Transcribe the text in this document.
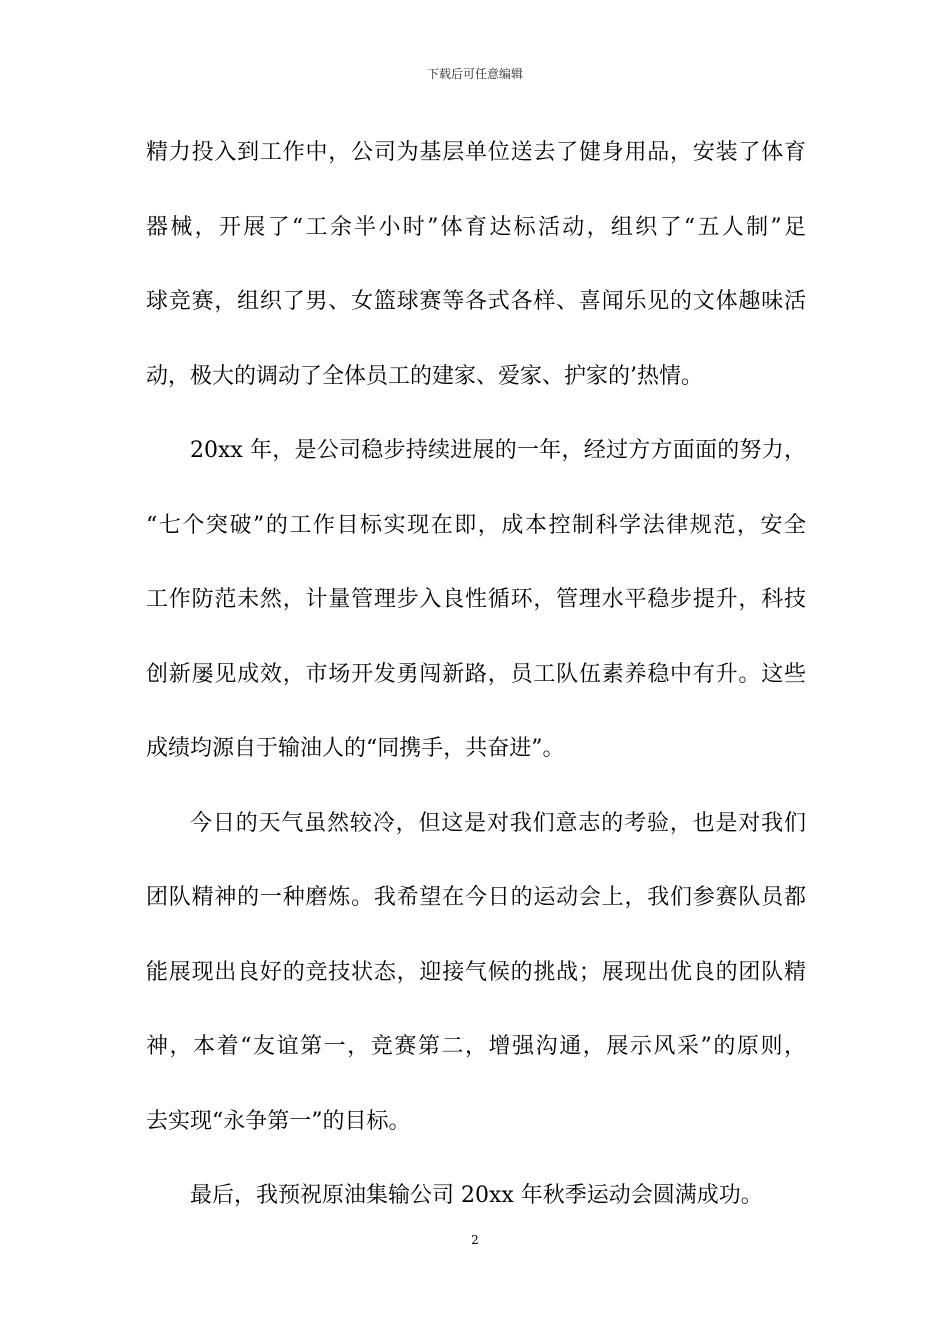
下载后可任意编辑
精力投入到工作中，公司为基层单位送去了健身用品，安装了体育
器械，开展了“工余半小时”体育达标活动，组织了“五人制”足
球竞赛，组织了男、女篮球赛等各式各样、喜闻乐见的文体趣味活
动，极大的调动了全体员工的建家、爱家、护家的’热情。
20xx 年，是公司稳步持续进展的一年，经过方方面面的努力，
“七个突破”的工作目标实现在即，成本控制科学法律规范，安全
工作防范未然，计量管理步入良性循环，管理水平稳步提升，科技
创新屡见成效，市场开发勇闯新路，员工队伍素养稳中有升。这些
成绩均源自于输油人的“同携手，共奋进”。
今日的天气虽然较冷，但这是对我们意志的考验，也是对我们
团队精神的一种磨炼。我希望在今日的运动会上，我们参赛队员都
能展现出良好的竞技状态，迎接气候的挑战；展现出优良的团队精
神，本着“友谊第一，竞赛第二，增强沟通，展示风采”的原则，
去实现“永争第一”的目标。
最后，我预祝原油集输公司 20xx 年秋季运动会圆满成功。
2
